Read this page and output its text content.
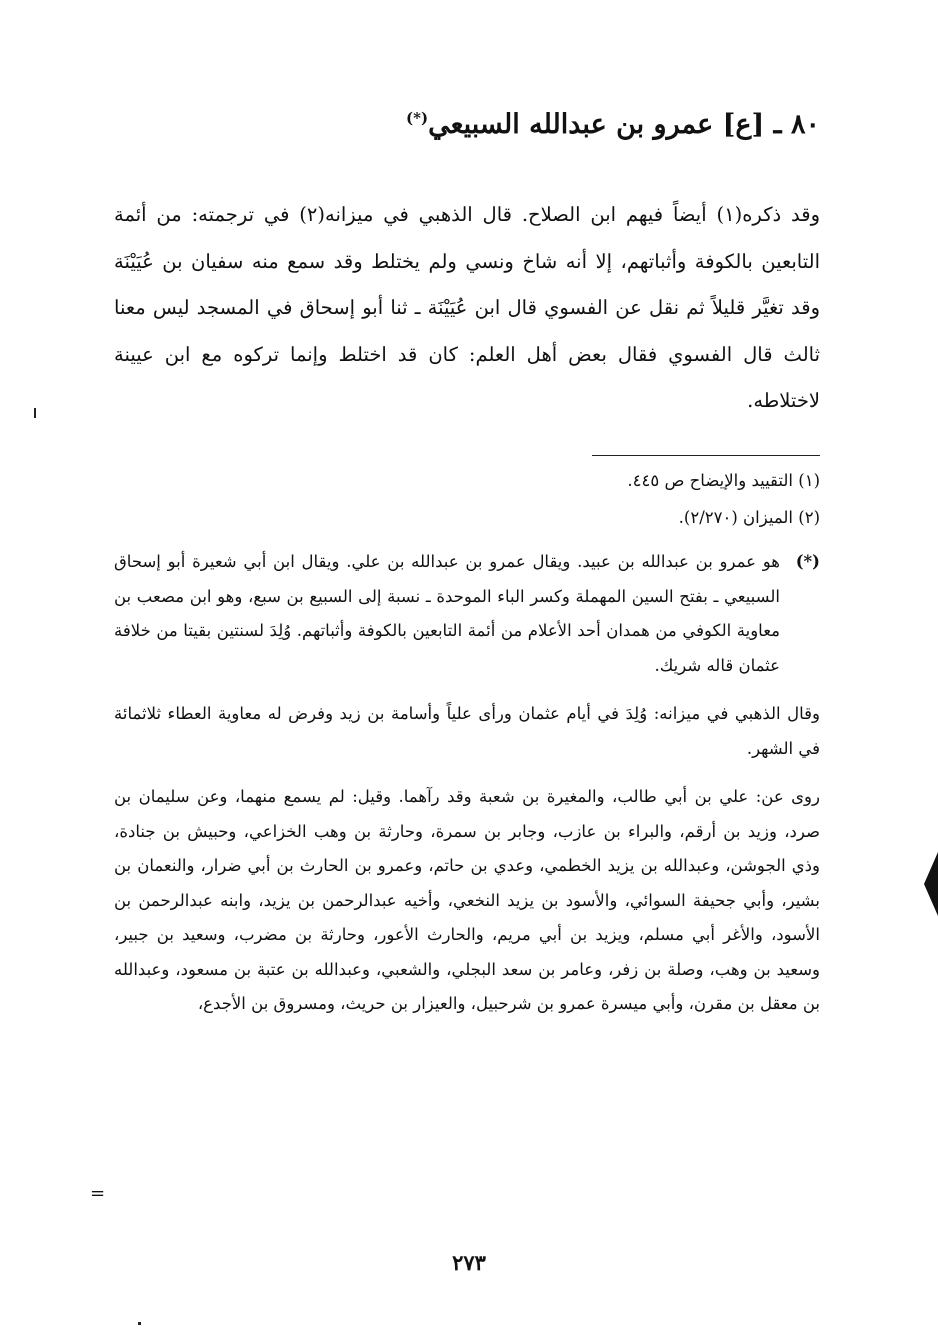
٨٠ ـ [ع] عمرو بن عبدالله السبيعي(*)

وقد ذكره(١) أيضاً فيهم ابن الصلاح. قال الذهبي في ميزانه(٢) في ترجمته: من أئمة التابعين بالكوفة وأثباتهم، إلا أنه شاخ ونسي ولم يختلط وقد سمع منه سفيان بن عُيَيْنَة وقد تغيَّر قليلاً ثم نقل عن الفسوي قال ابن عُيَيْنَة ـ ثنا أبو إسحاق في المسجد ليس معنا ثالث قال الفسوي فقال بعض أهل العلم: كان قد اختلط وإنما تركوه مع ابن عيينة لاختلاطه.

(١) التقييد والإيضاح ص ٤٤٥.
(٢) الميزان (٢/٢٧٠).
(*)

هو عمرو بن عبدالله بن عبيد. ويقال عمرو بن عبدالله بن علي. ويقال ابن أبي شعيرة أبو إسحاق السبيعي ـ بفتح السين المهملة وكسر الباء الموحدة ـ نسبة إلى السبيع بن سبع، وهو ابن مصعب بن معاوية الكوفي من همدان أحد الأعلام من أئمة التابعين بالكوفة وأثباتهم. وُلِدَ لسنتين بقيتا من خلافة عثمان قاله شريك.

وقال الذهبي في ميزانه: وُلِدَ في أيام عثمان ورأى علياً وأسامة بن زيد وفرض له معاوية العطاء ثلاثمائة في الشهر.

روى عن: علي بن أبي طالب، والمغيرة بن شعبة وقد رآهما. وقيل: لم يسمع منهما، وعن سليمان بن صرد، وزيد بن أرقم، والبراء بن عازب، وجابر بن سمرة، وحارثة بن وهب الخزاعي، وحبيش بن جنادة، وذي الجوشن، وعبدالله بن يزيد الخطمي، وعدي بن حاتم، وعمرو بن الحارث بن أبي ضرار، والنعمان بن بشير، وأبي جحيفة السوائي، والأسود بن يزيد النخعي، وأخيه عبدالرحمن بن يزيد، وابنه عبدالرحمن بن الأسود، والأغر أبي مسلم، ويزيد بن أبي مريم، والحارث الأعور، وحارثة بن مضرب، وسعيد بن جبير، وسعيد بن وهب، وصلة بن زفر، وعامر بن سعد البجلي، والشعبي، وعبدالله بن عتبة بن مسعود، وعبدالله بن معقل بن مقرن، وأبي ميسرة عمرو بن شرحبيل، والعيزار بن حريث، ومسروق بن الأجدع،

=
٢٧٣
